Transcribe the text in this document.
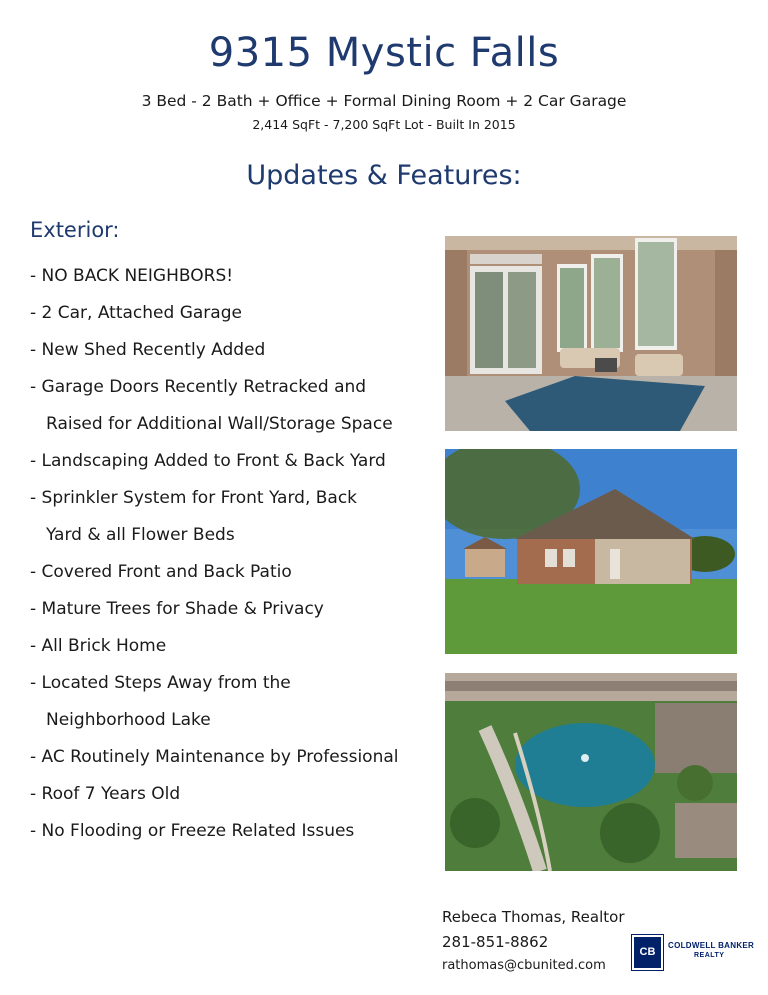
9315 Mystic Falls
3 Bed - 2 Bath + Office + Formal Dining Room + 2 Car Garage
2,414 SqFt - 7,200 SqFt Lot - Built In 2015
Updates & Features:
Exterior:
- NO BACK NEIGHBORS!
- 2 Car, Attached Garage
- New Shed Recently Added
- Garage Doors Recently Retracked and
Raised for Additional Wall/Storage Space
- Landscaping Added to Front & Back Yard
- Sprinkler System for Front Yard, Back
Yard & all Flower Beds
- Covered Front and Back Patio
- Mature Trees for Shade & Privacy
- All Brick Home
- Located Steps Away from the
Neighborhood Lake
- AC Routinely Maintenance by Professional
- Roof 7 Years Old
- No Flooding or Freeze Related Issues
Rebeca Thomas, Realtor
281-851-8862
rathomas@cbunited.com
CB
COLDWELL BANKER
REALTY
